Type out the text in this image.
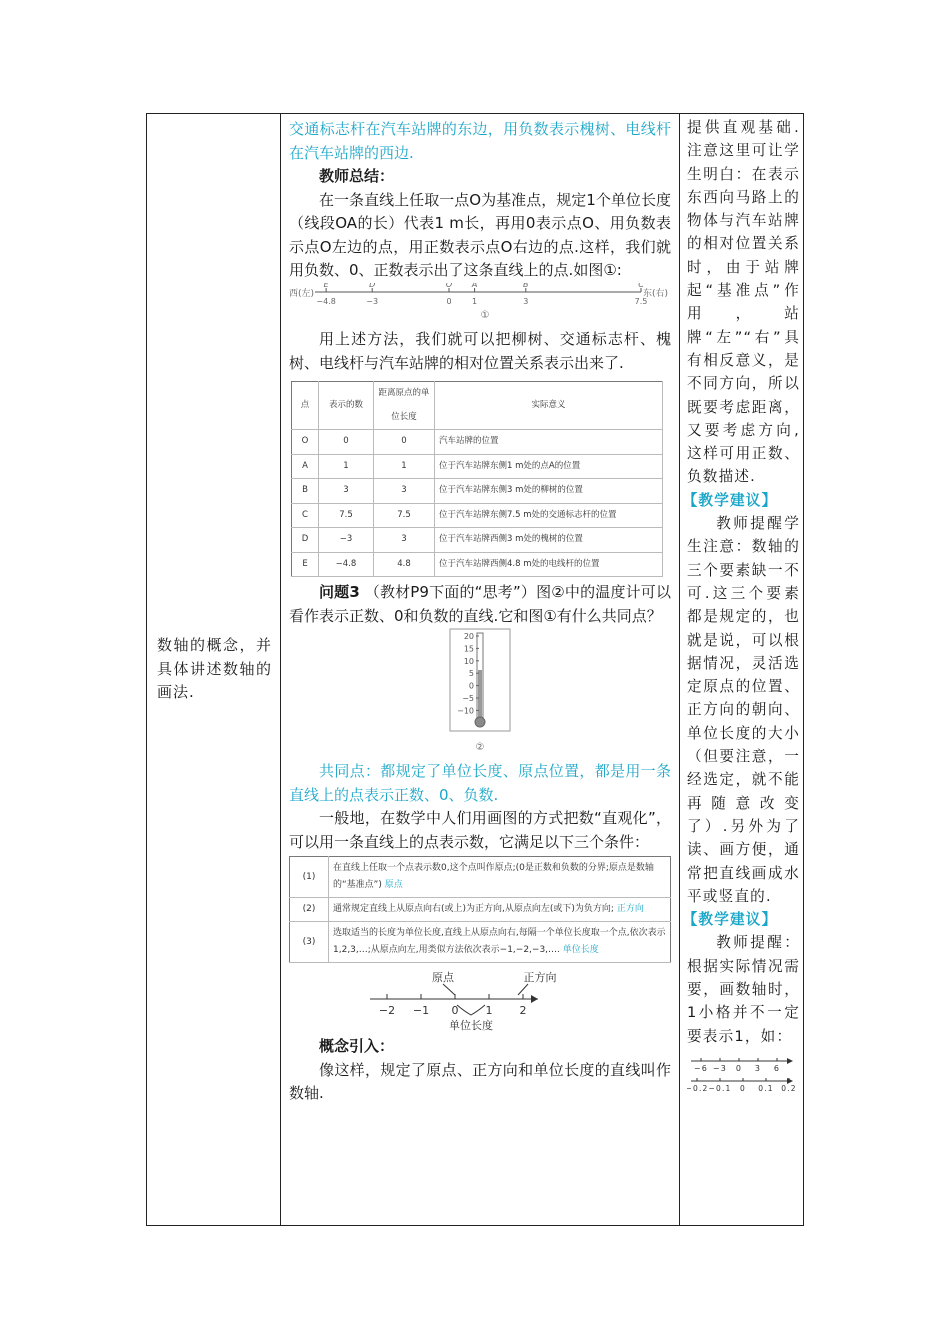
数轴的概念，并具体讲述数轴的画法.

交通标志杆在汽车站牌的东边，用负数表示槐树、电线杆在汽车站牌的西边.

教师总结：

在一条直线上任取一点O为基准点，规定1个单位长度（线段OA的长）代表1 m长，再用0表示点O、用负数表示点O左边的点，用正数表示点O右边的点.这样，我们就用负数、0、正数表示出了这条直线上的点.如图①:

西(左)	东(右)
E
−4.8
D
−3
O
0
A
1
B
3
C
7.5
①

用上述方法，我们就可以把柳树、交通标志杆、槐树、电线杆与汽车站牌的相对位置关系表示出来了.

点	表示的数	距离原点的单位长度	实际意义
O	0	0	汽车站牌的位置
A	1	1	位于汽车站牌东侧1 m处的点A的位置
B	3	3	位于汽车站牌东侧3 m处的柳树的位置
C	7.5	7.5	位于汽车站牌东侧7.5 m处的交通标志杆的位置
D	−3	3	位于汽车站牌西侧3 m处的槐树的位置
E	−4.8	4.8	位于汽车站牌西侧4.8 m处的电线杆的位置

问题3 （教材P9下面的“思考”）图②中的温度计可以看作表示正数、0和负数的直线.它和图①有什么共同点？

20
15
10
5
0
−5
−10
②

共同点：都规定了单位长度、原点位置，都是用一条直线上的点表示正数、0、负数.

一般地，在数学中人们用画图的方式把数“直观化”，可以用一条直线上的点表示数，它满足以下三个条件：

(1)	在直线上任取一个点表示数0,这个点叫作原点;(0是正数和负数的分界;原点是数轴的“基准点”) 原点
(2)	通常规定直线上从原点向右(或上)为正方向,从原点向左(或下)为负方向; 正方向
(3)	选取适当的长度为单位长度,直线上从原点向右,每隔一个单位长度取一个点,依次表示1,2,3,…;从原点向左,用类似方法依次表示−1,−2,−3,…. 单位长度
原点	正方向
−2 −1 0 1 2
单位长度

概念引入：

像这样，规定了原点、正方向和单位长度的直线叫作数轴.

提供直观基础.注意这里可让学生明白：在表示东西向马路上的物体与汽车站牌的相对位置关系时，由于站牌起“基准点”作用，站牌“左”“右”具有相反意义，是不同方向，所以既要考虑距离，又要考虑方向,这样可用正数、负数描述.

【教学建议】

教师提醒学生注意：数轴的三个要素缺一不可.这三个要素都是规定的，也就是说，可以根据情况，灵活选定原点的位置、正方向的朝向、单位长度的大小（但要注意，一经选定，就不能再随意改变了）.另外为了读、画方便，通常把直线画成水平或竖直的.

【教学建议】

教师提醒：根据实际情况需要，画数轴时，1小格并不一定要表示1，如：

−6 −3 0 3 6
−0.2 −0.1 0 0.1 0.2
